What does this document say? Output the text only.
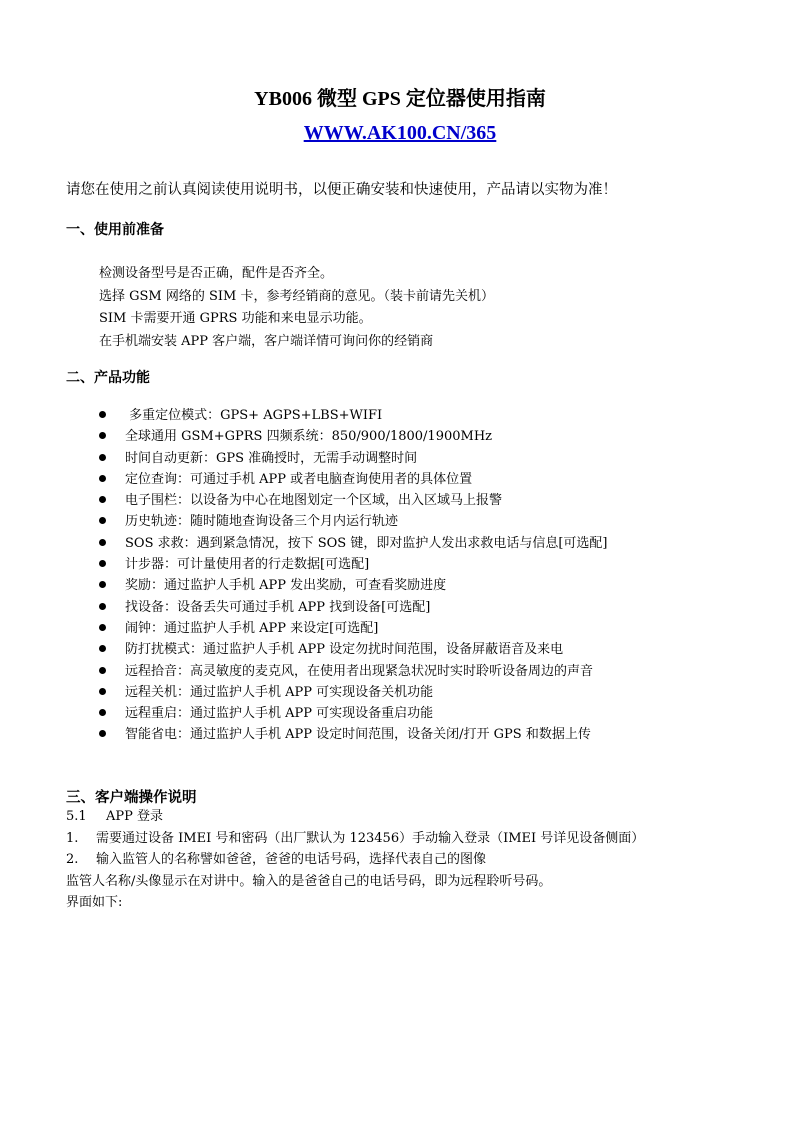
YB006 微型 GPS 定位器使用指南
WWW.AK100.CN/365
请您在使用之前认真阅读使用说明书，以便正确安装和快速使用，产品请以实物为准！
一、使用前准备
检测设备型号是否正确，配件是否齐全。
选择 GSM 网络的 SIM 卡，参考经销商的意见。（装卡前请先关机）
SIM 卡需要开通 GPRS 功能和来电显示功能。
在手机端安装 APP 客户端，客户端详情可询问你的经销商
二、产品功能
多重定位模式：GPS+ AGPS+LBS+WIFI
全球通用 GSM+GPRS 四频系统：850/900/1800/1900MHz
时间自动更新：GPS 准确授时，无需手动调整时间
定位查询：可通过手机 APP 或者电脑查询使用者的具体位置
电子围栏：以设备为中心在地图划定一个区域，出入区域马上报警
历史轨迹：随时随地查询设备三个月内运行轨迹
SOS 求救：遇到紧急情况，按下 SOS 键，即对监护人发出求救电话与信息[可选配]
计步器：可计量使用者的行走数据[可选配]
奖励：通过监护人手机 APP 发出奖励，可查看奖励进度
找设备：设备丢失可通过手机 APP 找到设备[可选配]
闹钟：通过监护人手机 APP 来设定[可选配]
防打扰模式：通过监护人手机 APP 设定勿扰时间范围，设备屏蔽语音及来电
远程拾音：高灵敏度的麦克风，在使用者出现紧急状况时实时聆听设备周边的声音
远程关机：通过监护人手机 APP 可实现设备关机功能
远程重启：通过监护人手机 APP 可实现设备重启功能
智能省电：通过监护人手机 APP 设定时间范围，设备关闭/打开 GPS 和数据上传
三、客户端操作说明
5.1 APP 登录
1. 需要通过设备 IMEI 号和密码（出厂默认为 123456）手动输入登录（IMEI 号详见设备侧面）
2. 输入监管人的名称譬如爸爸，爸爸的电话号码，选择代表自己的图像
监管人名称/头像显示在对讲中。输入的是爸爸自己的电话号码，即为远程聆听号码。
界面如下:
